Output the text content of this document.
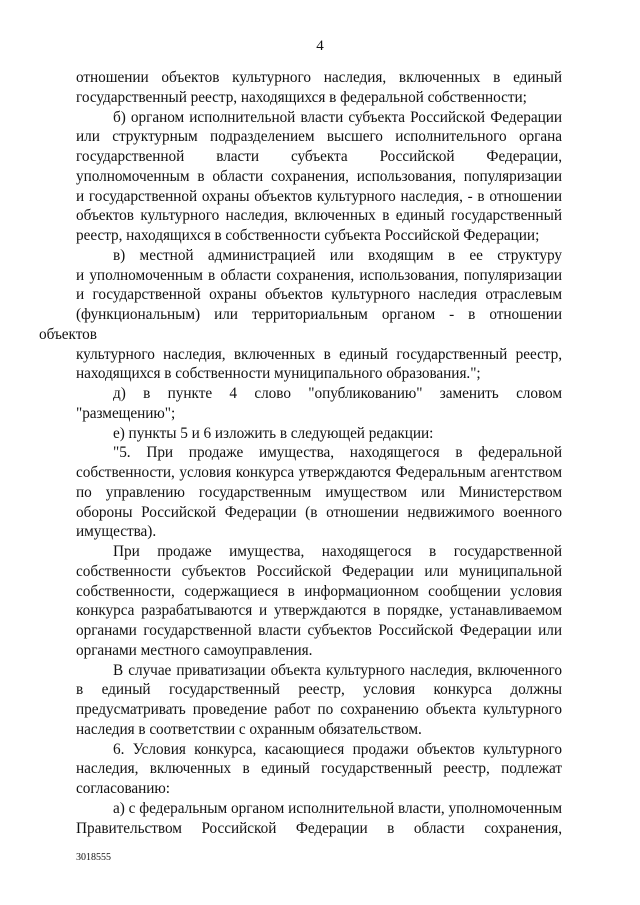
4

отношении объектов культурного наследия, включенных в единый
государственный реестр, находящихся в федеральной собственности;

б) органом исполнительной власти субъекта Российской Федерации
или структурным подразделением высшего исполнительного органа
государственной власти субъекта Российской Федерации,
уполномоченным в области сохранения, использования, популяризации
и государственной охраны объектов культурного наследия, - в отношении
объектов культурного наследия, включенных в единый государственный
реестр, находящихся в собственности субъекта Российской Федерации;

в) местной администрацией или входящим в ее структуру
и уполномоченным в области сохранения, использования, популяризации
и государственной охраны объектов культурного наследия отраслевым
(функциональным) или территориальным органом - в отношении объектов
культурного наследия, включенных в единый государственный реестр,
находящихся в собственности муниципального образования.";

д) в пункте 4 слово "опубликованию" заменить словом
"размещению";

е) пункты 5 и 6 изложить в следующей редакции:

"5. При продаже имущества, находящегося в федеральной
собственности, условия конкурса утверждаются Федеральным агентством
по управлению государственным имуществом или Министерством
обороны Российской Федерации (в отношении недвижимого военного
имущества).

При продаже имущества, находящегося в государственной
собственности субъектов Российской Федерации или муниципальной
собственности, содержащиеся в информационном сообщении условия
конкурса разрабатываются и утверждаются в порядке, устанавливаемом
органами государственной власти субъектов Российской Федерации или
органами местного самоуправления.

В случае приватизации объекта культурного наследия, включенного
в единый государственный реестр, условия конкурса должны
предусматривать проведение работ по сохранению объекта культурного
наследия в соответствии с охранным обязательством.

6. Условия конкурса, касающиеся продажи объектов культурного
наследия, включенных в единый государственный реестр, подлежат
согласованию:

а) с федеральным органом исполнительной власти, уполномоченным
Правительством Российской Федерации в области сохранения,

3018555
